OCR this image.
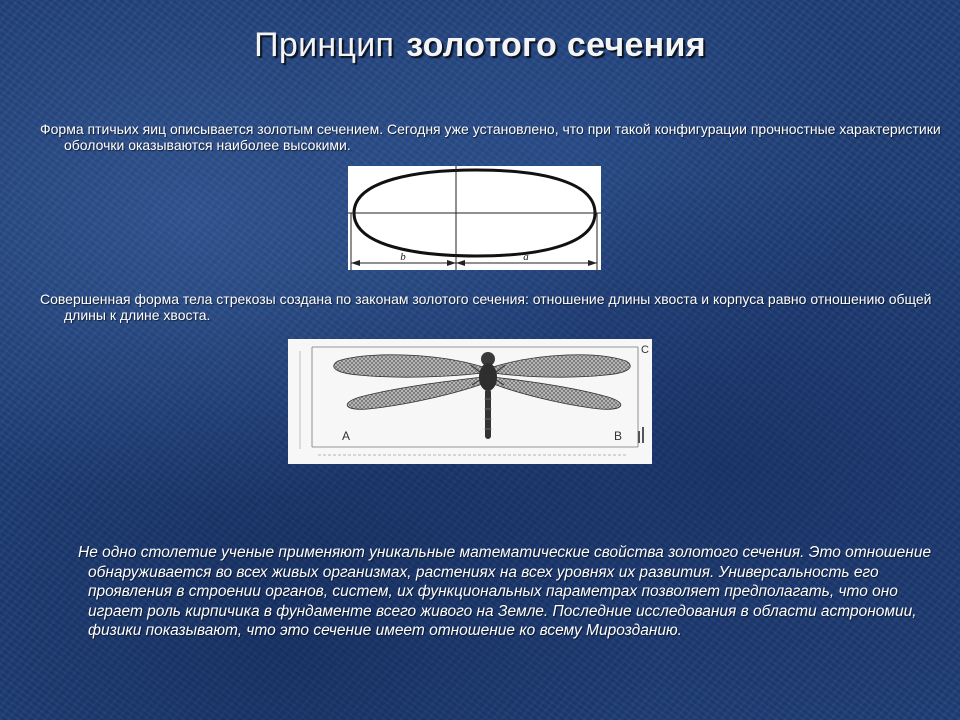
Принцип золотого сечения
Форма птичьих яиц описывается золотым сечением. Сегодня уже установлено, что при такой конфигурации прочностные характеристики оболочки оказываются наиболее высокими.
b	a
Совершенная форма тела стрекозы создана по законам золотого сечения: отношение длины хвоста и корпуса равно отношению общей длины к длине хвоста.
A	B
C
Не одно столетие ученые применяют уникальные математические свойства золотого сечения. Это отношение обнаруживается во всех живых организмах, растениях на всех уровнях их развития. Универсальность его проявления в строении органов, систем, их функциональных параметрах позволяет предполагать, что оно играет роль кирпичика в фундаменте всего живого на Земле. Последние исследования в области астрономии, физики показывают, что это сечение имеет отношение ко всему Мирозданию.
